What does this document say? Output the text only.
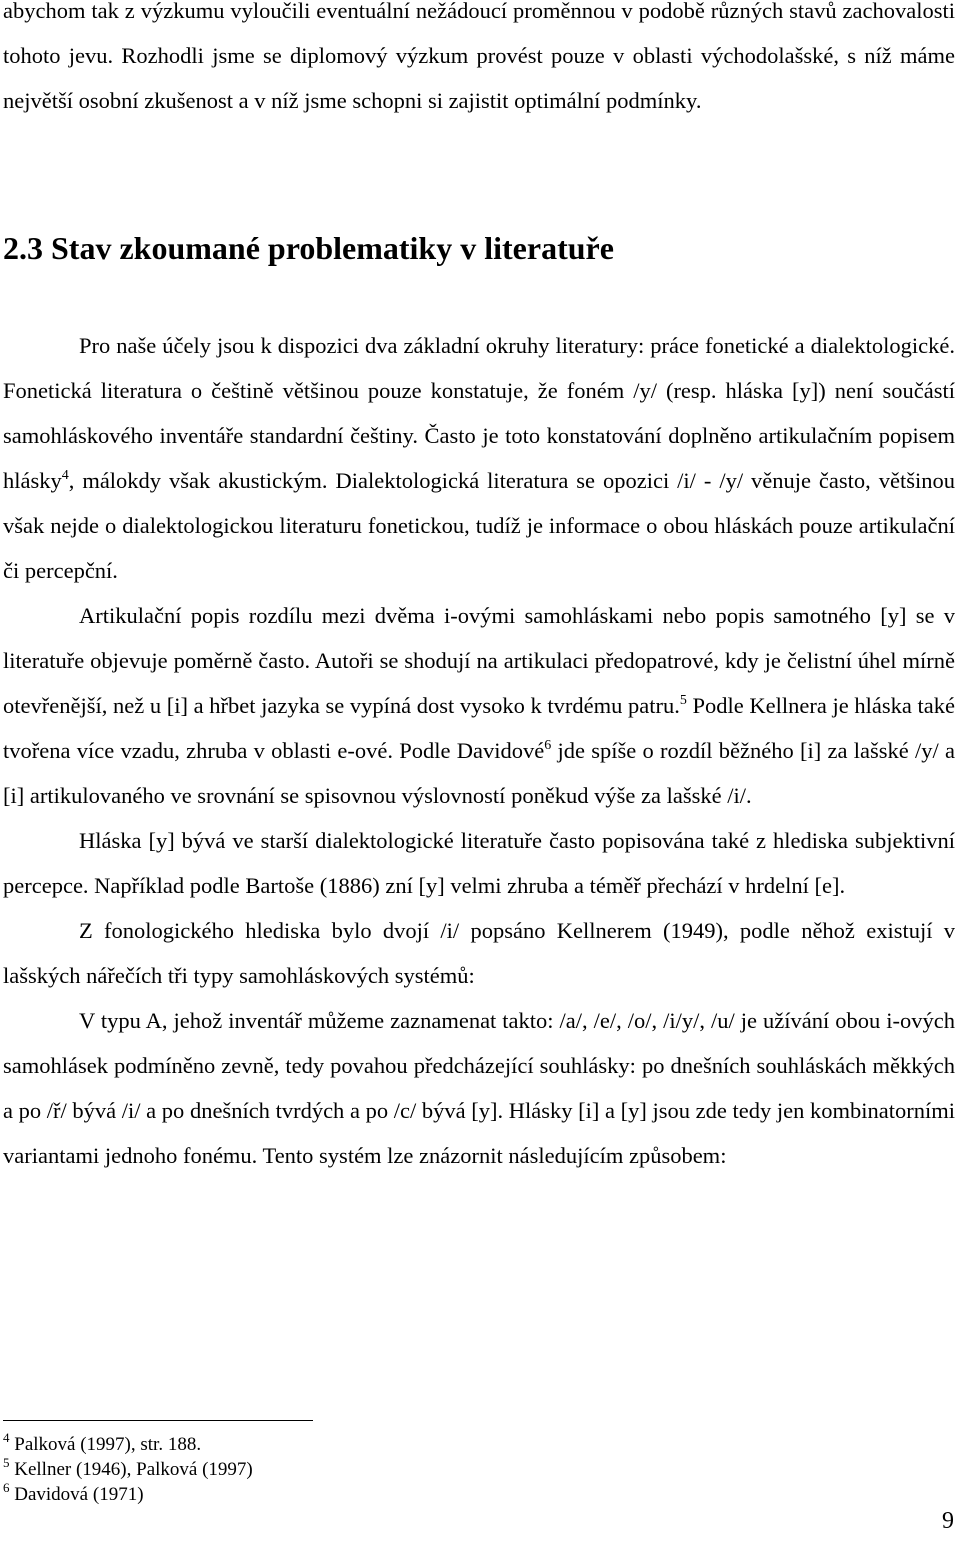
abychom tak z výzkumu vyloučili eventuální nežádoucí proměnnou v podobě různých stavů zachovalosti tohoto jevu. Rozhodli jsme se diplomový výzkum provést pouze v oblasti východolašské, s níž máme největší osobní zkušenost a v níž jsme schopni si zajistit optimální podmínky.

2.3 Stav zkoumané problematiky v literatuře

Pro naše účely jsou k dispozici dva základní okruhy literatury: práce fonetické a dialektologické. Fonetická literatura o češtině většinou pouze konstatuje, že foném /y/ (resp. hláska [y]) není součástí samohláskového inventáře standardní češtiny. Často je toto konstatování doplněno artikulačním popisem hlásky$^4$, málokdy však akustickým. Dialektologická literatura se opozici /i/ - /y/ věnuje často, většinou však nejde o dialektologickou literaturu fonetickou, tudíž je informace o obou hláskách pouze artikulační či percepční.

Artikulační popis rozdílu mezi dvěma i-ovými samohláskami nebo popis samotného [y] se v literatuře objevuje poměrně často. Autoři se shodují na artikulaci předopatrové, kdy je čelistní úhel mírně otevřenější, než u [i] a hřbet jazyka se vypíná dost vysoko k tvrdému patru.$^5$ Podle Kellnera je hláska také tvořena více vzadu, zhruba v oblasti e-ové. Podle Davidové$^6$ jde spíše o rozdíl běžného [i] za lašské /y/ a [i] artikulovaného ve srovnání se spisovnou výslovností poněkud výše za lašské /i/.

Hláska [y] bývá ve starší dialektologické literatuře často popisována také z hlediska subjektivní percepce. Například podle Bartoše (1886) zní [y] velmi zhruba a téměř přechází v hrdelní [e].

Z fonologického hlediska bylo dvojí /i/ popsáno Kellnerem (1949), podle něhož existují v lašských nářečích tři typy samohláskových systémů:

V typu A, jehož inventář můžeme zaznamenat takto: /a/, /e/, /o/, /i/y/, /u/ je užívání obou i-ových samohlásek podmíněno zevně, tedy povahou předcházející souhlásky: po dnešních souhláskách měkkých a po /ř/ bývá /i/ a po dnešních tvrdých a po /c/ bývá [y]. Hlásky [i] a [y] jsou zde tedy jen kombinatorními variantami jednoho fonému. Tento systém lze znázornit následujícím způsobem:

$^4$ Palková (1997), str. 188.

$^5$ Kellner (1946), Palková (1997)

$^6$ Davidová (1971)

9
